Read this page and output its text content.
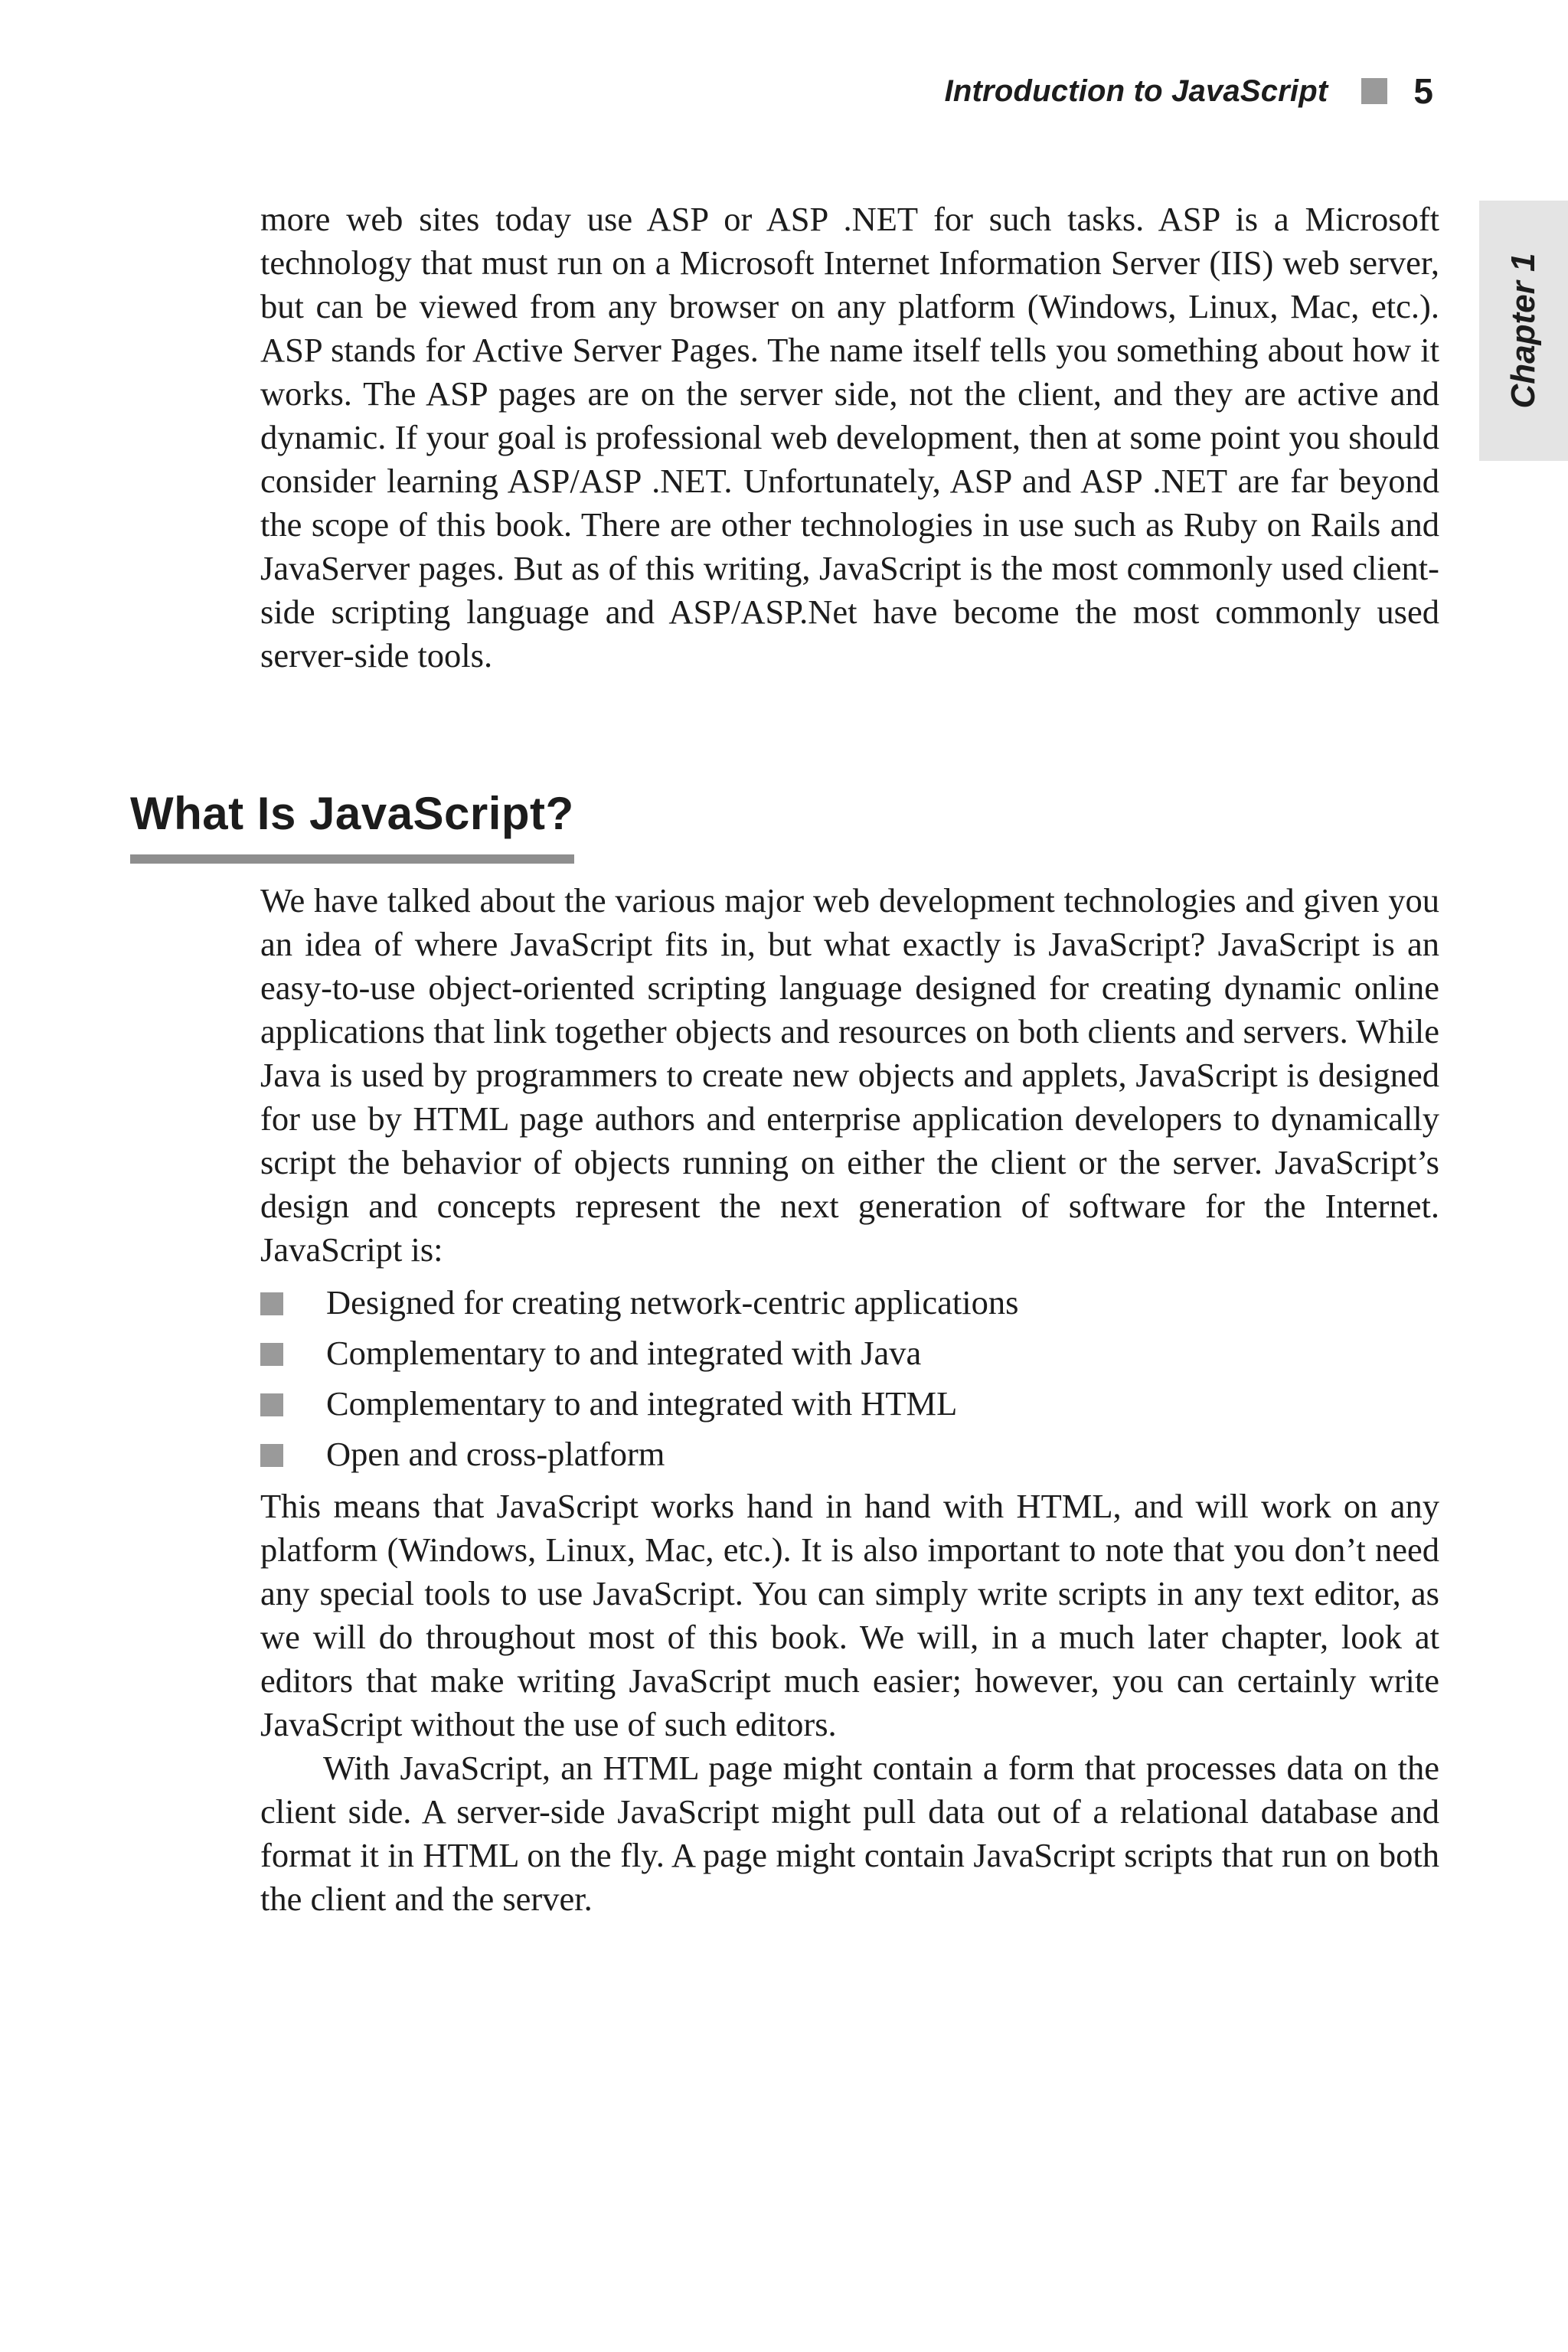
Introduction to JavaScript 5
Chapter 1

more web sites today use ASP or ASP .NET for such tasks. ASP is a Microsoft technology that must run on a Microsoft Internet Information Server (IIS) web server, but can be viewed from any browser on any platform (Windows, Linux, Mac, etc.). ASP stands for Active Server Pages. The name itself tells you something about how it works. The ASP pages are on the server side, not the client, and they are active and dynamic. If your goal is professional web development, then at some point you should consider learning ASP/ASP .NET. Unfortunately, ASP and ASP .NET are far beyond the scope of this book. There are other technologies in use such as Ruby on Rails and JavaServer pages. But as of this writing, JavaScript is the most commonly used client-side scripting language and ASP/ASP.Net have become the most commonly used server-side tools.

What Is JavaScript?

We have talked about the various major web development technologies and given you an idea of where JavaScript fits in, but what exactly is JavaScript? JavaScript is an easy-to-use object-oriented scripting language designed for creating dynamic online applications that link together objects and resources on both clients and servers. While Java is used by programmers to create new objects and applets, JavaScript is designed for use by HTML page authors and enterprise application developers to dynamically script the behavior of objects running on either the client or the server. JavaScript’s design and concepts represent the next generation of software for the Internet. JavaScript is:

Designed for creating network-centric applications
Complementary to and integrated with Java
Complementary to and integrated with HTML
Open and cross-platform

This means that JavaScript works hand in hand with HTML, and will work on any platform (Windows, Linux, Mac, etc.). It is also important to note that you don’t need any special tools to use JavaScript. You can simply write scripts in any text editor, as we will do throughout most of this book. We will, in a much later chapter, look at editors that make writing JavaScript much easier; however, you can certainly write JavaScript without the use of such editors.

With JavaScript, an HTML page might contain a form that processes data on the client side. A server-side JavaScript might pull data out of a relational database and format it in HTML on the fly. A page might contain JavaScript scripts that run on both the client and the server.
